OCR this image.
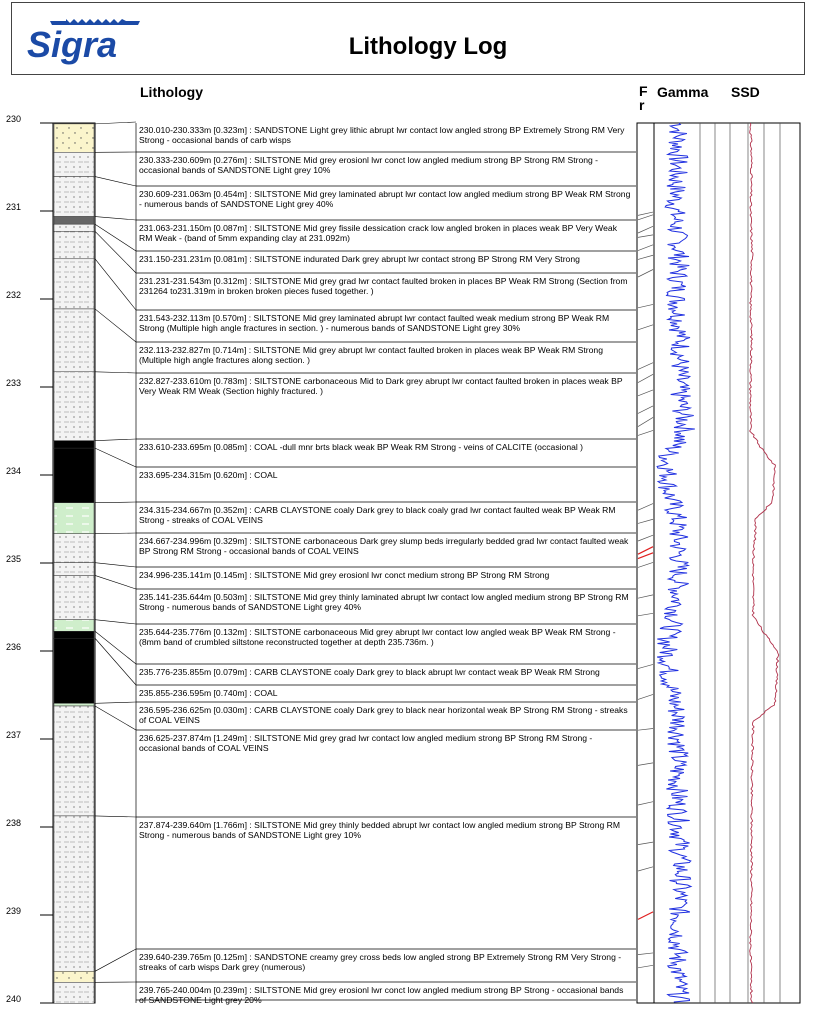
Sigra	Lithology Log
Lithology	F
r
Gamma SSD
230
231
232
233
234
235
236
237
238
239
240
230.010-230.333m [0.323m] : SANDSTONE Light grey lithic abrupt lwr contact low angled strong BP Extremely Strong RM Very Strong - occasional bands of carb wisps
230.333-230.609m [0.276m] : SILTSTONE Mid grey erosionl lwr conct low angled medium strong BP Strong RM Strong - occasional bands of SANDSTONE Light grey 10%
230.609-231.063m [0.454m] : SILTSTONE Mid grey laminated abrupt lwr contact low angled medium strong BP Weak RM Strong - numerous bands of SANDSTONE Light grey 40%
231.063-231.150m [0.087m] : SILTSTONE Mid grey fissile dessication crack low angled broken in places weak BP Very Weak RM Weak - (band of 5mm expanding clay at 231.092m)
231.150-231.231m [0.081m] : SILTSTONE indurated Dark grey abrupt lwr contact strong BP Strong RM Very Strong
231.231-231.543m [0.312m] : SILTSTONE Mid grey grad lwr contact faulted broken in places BP Weak RM Strong (Section from 231264 to231.319m in broken broken pieces fused together. )
231.543-232.113m [0.570m] : SILTSTONE Mid grey laminated abrupt lwr contact faulted weak medium strong BP Weak RM Strong (Multiple high angle fractures in section. ) - numerous bands of SANDSTONE Light grey 30%
232.113-232.827m [0.714m] : SILTSTONE Mid grey abrupt lwr contact faulted broken in places weak BP Weak RM Strong (Multiple high angle fractures along section. )
232.827-233.610m [0.783m] : SILTSTONE carbonaceous Mid to Dark grey abrupt lwr contact faulted broken in places weak BP Very Weak RM Weak (Section highly fractured. )
233.610-233.695m [0.085m] : COAL -dull mnr brts black weak BP Weak RM Strong - veins of CALCITE (occasional )
233.695-234.315m [0.620m] : COAL
234.315-234.667m [0.352m] : CARB CLAYSTONE coaly Dark grey to black coaly grad lwr contact faulted weak BP Weak RM Strong - streaks of COAL VEINS
234.667-234.996m [0.329m] : SILTSTONE carbonaceous Dark grey slump beds irregularly bedded grad lwr contact faulted weak BP Strong RM Strong - occasional bands of COAL VEINS
234.996-235.141m [0.145m] : SILTSTONE Mid grey erosionl lwr conct medium strong BP Strong RM Strong
235.141-235.644m [0.503m] : SILTSTONE Mid grey thinly laminated abrupt lwr contact low angled medium strong BP Strong RM Strong - numerous bands of SANDSTONE Light grey 40%
235.644-235.776m [0.132m] : SILTSTONE carbonaceous Mid grey abrupt lwr contact low angled weak BP Weak RM Strong - (8mm band of crumbled siltstone reconstructed together at depth 235.736m. )
235.776-235.855m [0.079m] : CARB CLAYSTONE coaly Dark grey to black abrupt lwr contact weak BP Weak RM Strong
235.855-236.595m [0.740m] : COAL
236.595-236.625m [0.030m] : CARB CLAYSTONE coaly Dark grey to black near horizontal weak BP Strong RM Strong - streaks of COAL VEINS
236.625-237.874m [1.249m] : SILTSTONE Mid grey grad lwr contact low angled medium strong BP Strong RM Strong - occasional bands of COAL VEINS
237.874-239.640m [1.766m] : SILTSTONE Mid grey thinly bedded abrupt lwr contact low angled medium strong BP Strong RM Strong - numerous bands of SANDSTONE Light grey 10%
239.640-239.765m [0.125m] : SANDSTONE creamy grey cross beds low angled strong BP Extremely Strong RM Very Strong - streaks of carb wisps Dark grey (numerous)
239.765-240.004m [0.239m] : SILTSTONE Mid grey erosionl lwr conct low angled medium strong BP Strong - occasional bands of SANDSTONE Light grey 20%
